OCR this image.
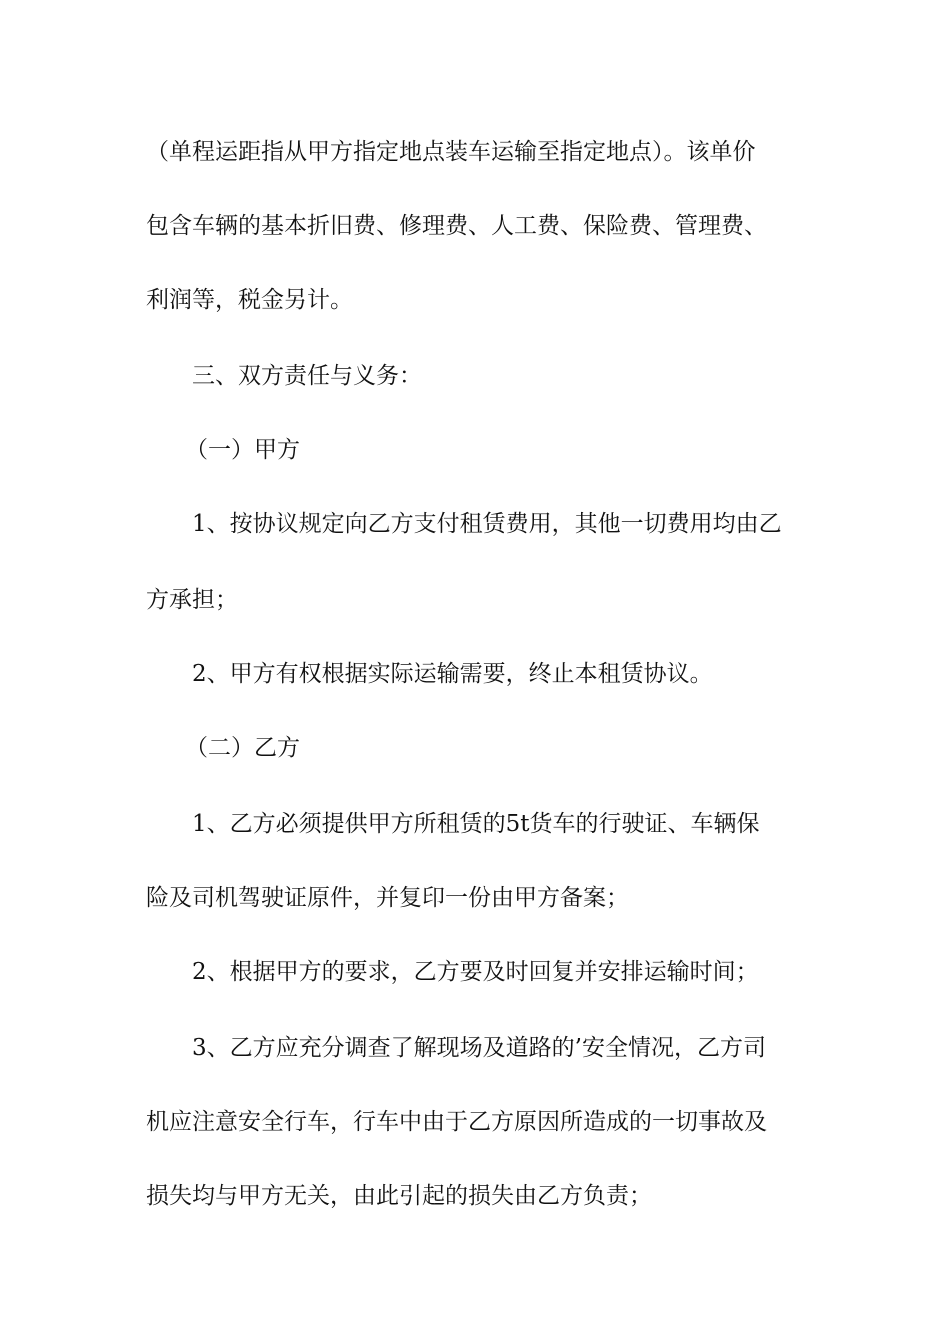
（单程运距指从甲方指定地点装车运输至指定地点）。该单价
包含车辆的基本折旧费、修理费、人工费、保险费、管理费、
利润等，税金另计。
三、双方责任与义务：
（一）甲方
1、按协议规定向乙方支付租赁费用，其他一切费用均由乙
方承担；
2、甲方有权根据实际运输需要，终止本租赁协议。
（二）乙方
1、乙方必须提供甲方所租赁的5t货车的行驶证、车辆保
险及司机驾驶证原件，并复印一份由甲方备案；
2、根据甲方的要求，乙方要及时回复并安排运输时间；
3、乙方应充分调查了解现场及道路的’安全情况，乙方司
机应注意安全行车，行车中由于乙方原因所造成的一切事故及
损失均与甲方无关，由此引起的损失由乙方负责；
